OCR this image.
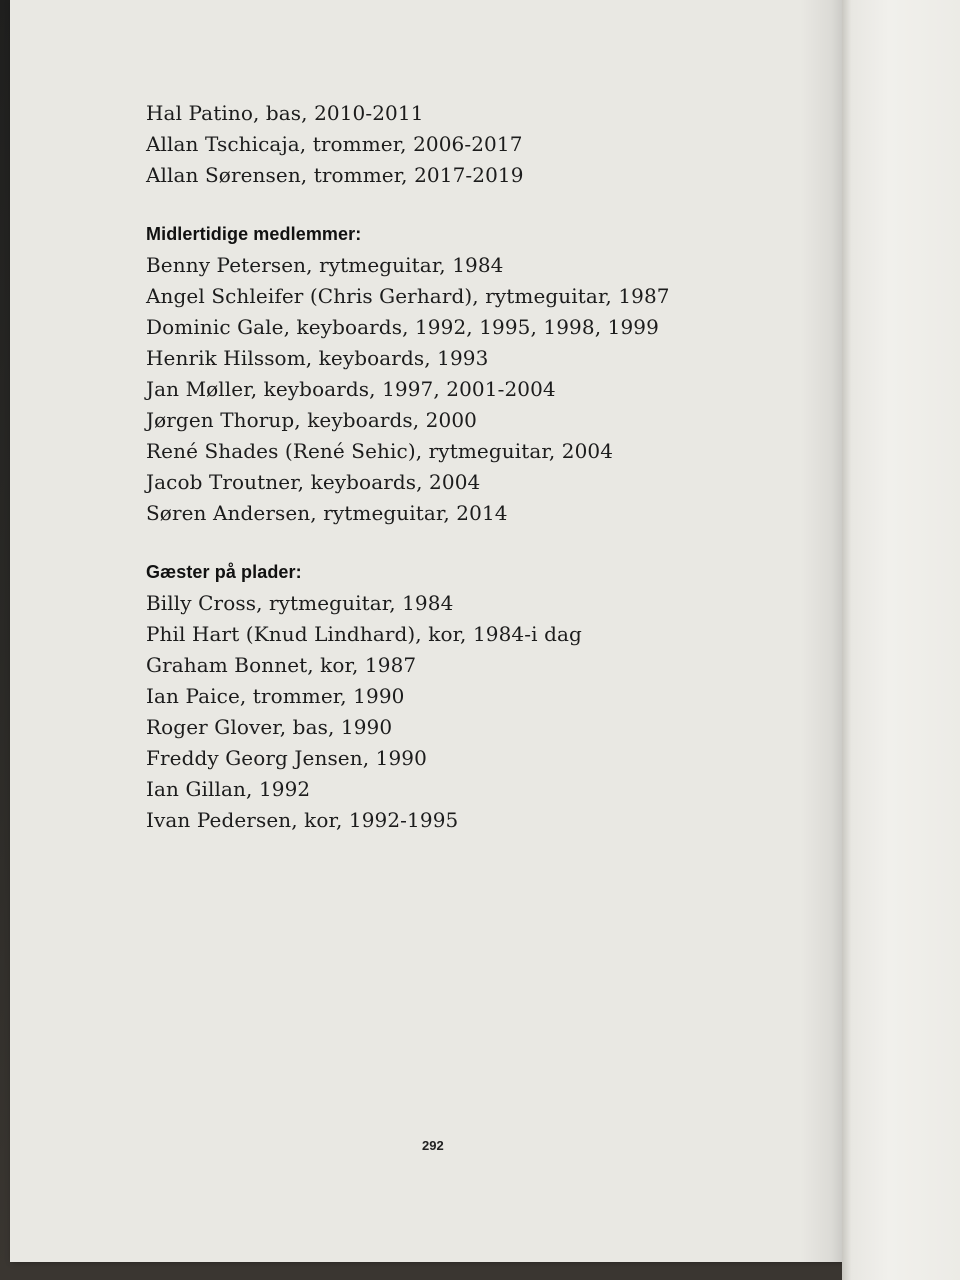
Hal Patino, bas, 2010-2011
Allan Tschicaja, trommer, 2006-2017
Allan Sørensen, trommer, 2017-2019
Midlertidige medlemmer:
Benny Petersen, rytmeguitar, 1984
Angel Schleifer (Chris Gerhard), rytmeguitar, 1987
Dominic Gale, keyboards, 1992, 1995, 1998, 1999
Henrik Hilssom, keyboards, 1993
Jan Møller, keyboards, 1997, 2001-2004
Jørgen Thorup, keyboards, 2000
René Shades (René Sehic), rytmeguitar, 2004
Jacob Troutner, keyboards, 2004
Søren Andersen, rytmeguitar, 2014
Gæster på plader:
Billy Cross, rytmeguitar, 1984
Phil Hart (Knud Lindhard), kor, 1984-i dag
Graham Bonnet, kor, 1987
Ian Paice, trommer, 1990
Roger Glover, bas, 1990
Freddy Georg Jensen, 1990
Ian Gillan, 1992
Ivan Pedersen, kor, 1992-1995
292
